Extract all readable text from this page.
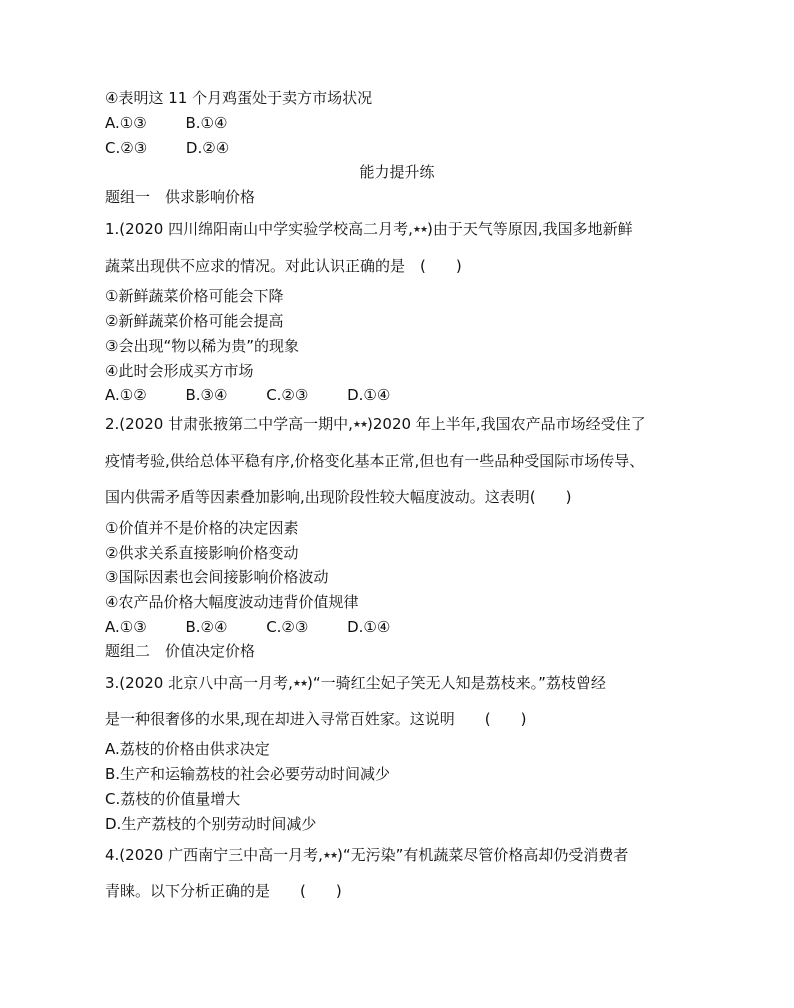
④表明这 11 个月鸡蛋处于卖方市场状况
A.①③	B.①④
C.②③	D.②④
能力提升练
题组一　供求影响价格
1.(2020 四川绵阳南山中学实验学校高二月考,★★)由于天气等原因,我国多地新鲜
蔬菜出现供不应求的情况。对此认识正确的是　(　　)
①新鲜蔬菜价格可能会下降
②新鲜蔬菜价格可能会提高
③会出现“物以稀为贵”的现象
④此时会形成买方市场
A.①②	B.③④	C.②③	D.①④
2.(2020 甘肃张掖第二中学高一期中,★★)2020 年上半年,我国农产品市场经受住了
疫情考验,供给总体平稳有序,价格变化基本正常,但也有一些品种受国际市场传导、
国内供需矛盾等因素叠加影响,出现阶段性较大幅度波动。这表明(　　)
①价值并不是价格的决定因素
②供求关系直接影响价格变动
③国际因素也会间接影响价格波动
④农产品价格大幅度波动违背价值规律
A.①③	B.②④	C.②③	D.①④
题组二　价值决定价格
3.(2020 北京八中高一月考,★★)“一骑红尘妃子笑无人知是荔枝来。”荔枝曾经
是一种很奢侈的水果,现在却进入寻常百姓家。这说明　　(　　)
A.荔枝的价格由供求决定
B.生产和运输荔枝的社会必要劳动时间减少
C.荔枝的价值量增大
D.生产荔枝的个别劳动时间减少
4.(2020 广西南宁三中高一月考,★★)“无污染”有机蔬菜尽管价格高却仍受消费者
青睐。以下分析正确的是　　(　　)
